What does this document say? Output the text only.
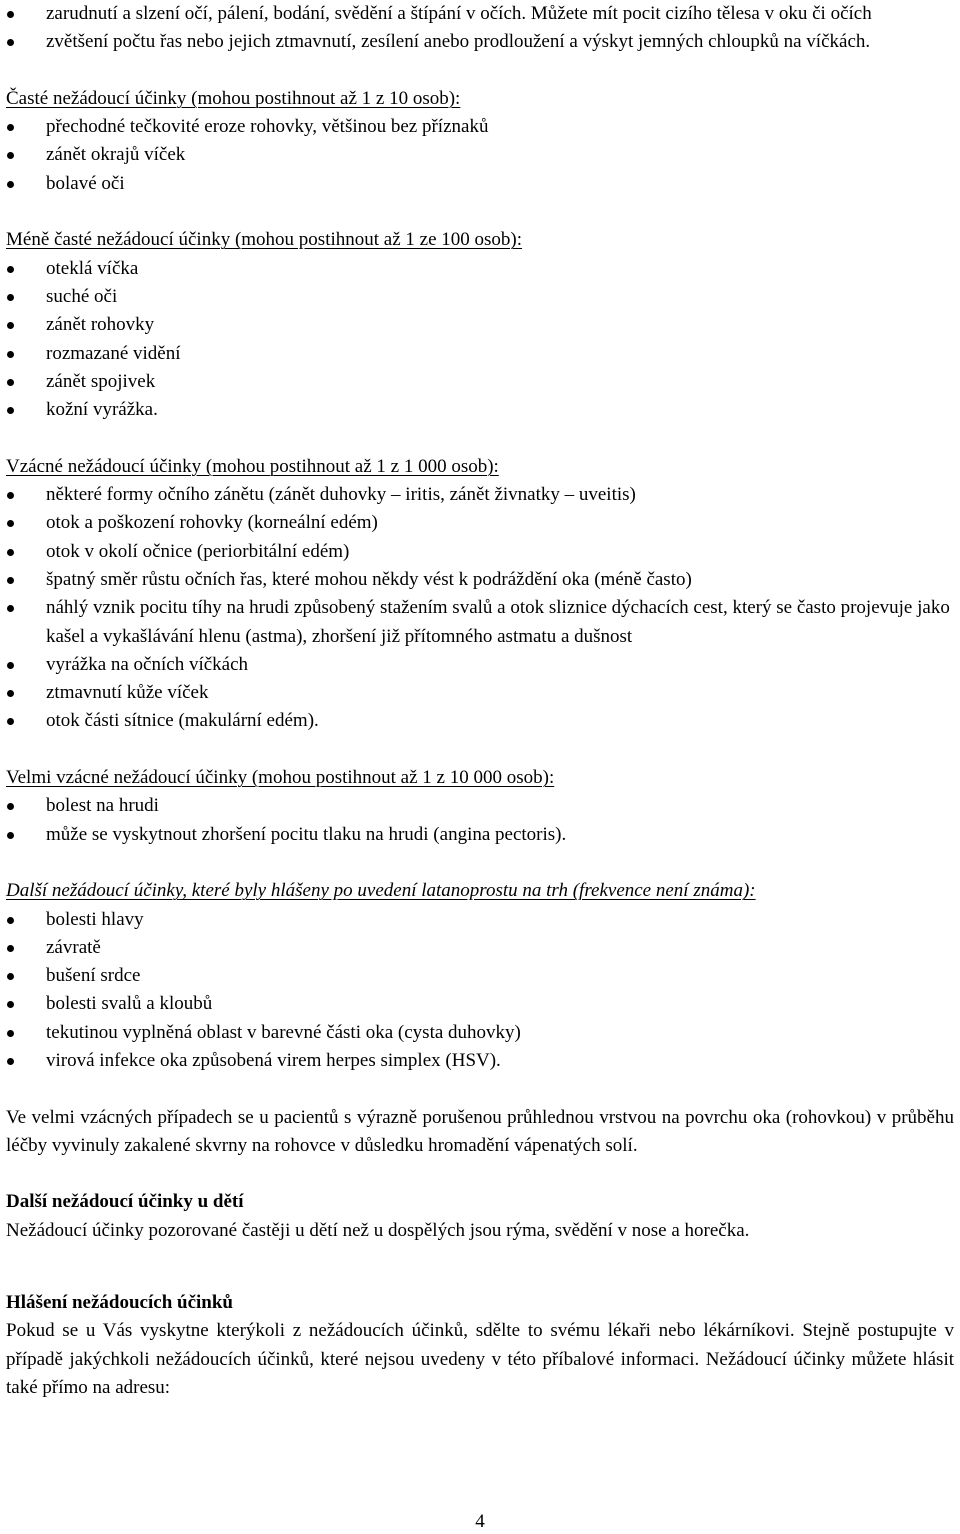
zarudnutí a slzení očí, pálení, bodání, svědění a štípání v očích. Můžete mít pocit cizího tělesa v oku či očích
zvětšení počtu řas nebo jejich ztmavnutí, zesílení anebo prodloužení a výskyt jemných chloupků na víčkách.

Časté nežádoucí účinky (mohou postihnout až 1 z 10 osob):

přechodné tečkovité eroze rohovky, většinou bez příznaků
zánět okrajů víček
bolavé oči

Méně časté nežádoucí účinky (mohou postihnout až 1 ze 100 osob):

oteklá víčka
suché oči
zánět rohovky
rozmazané vidění
zánět spojivek
kožní vyrážka.

Vzácné nežádoucí účinky (mohou postihnout až 1 z 1 000 osob):

některé formy očního zánětu (zánět duhovky – iritis, zánět živnatky – uveitis)
otok a poškození rohovky (korneální edém)
otok v okolí očnice (periorbitální edém)
špatný směr růstu očních řas, které mohou někdy vést k podráždění oka (méně často)
náhlý vznik pocitu tíhy na hrudi způsobený stažením svalů a otok sliznice dýchacích cest, který se často projevuje jako kašel a vykašlávání hlenu (astma), zhoršení již přítomného astmatu a dušnost
vyrážka na očních víčkách
ztmavnutí kůže víček
otok části sítnice (makulární edém).

Velmi vzácné nežádoucí účinky (mohou postihnout až 1 z 10 000 osob):

bolest na hrudi
může se vyskytnout zhoršení pocitu tlaku na hrudi (angina pectoris).

Další nežádoucí účinky, které byly hlášeny po uvedení latanoprostu na trh (frekvence není známa):

bolesti hlavy
závratě
bušení srdce
bolesti svalů a kloubů
tekutinou vyplněná oblast v barevné části oka (cysta duhovky)
virová infekce oka způsobená virem herpes simplex (HSV).

Ve velmi vzácných případech se u pacientů s výrazně porušenou průhlednou vrstvou na povrchu oka (rohovkou) v průběhu léčby vyvinuly zakalené skvrny na rohovce v důsledku hromadění vápenatých solí.

Další nežádoucí účinky u dětí

Nežádoucí účinky pozorované častěji u dětí než u dospělých jsou rýma, svědění v nose a horečka.

Hlášení nežádoucích účinků

Pokud se u Vás vyskytne kterýkoli z nežádoucích účinků, sdělte to svému lékaři nebo lékárníkovi. Stejně postupujte v případě jakýchkoli nežádoucích účinků, které nejsou uvedeny v této příbalové informaci. Nežádoucí účinky můžete hlásit také přímo na adresu:

4
